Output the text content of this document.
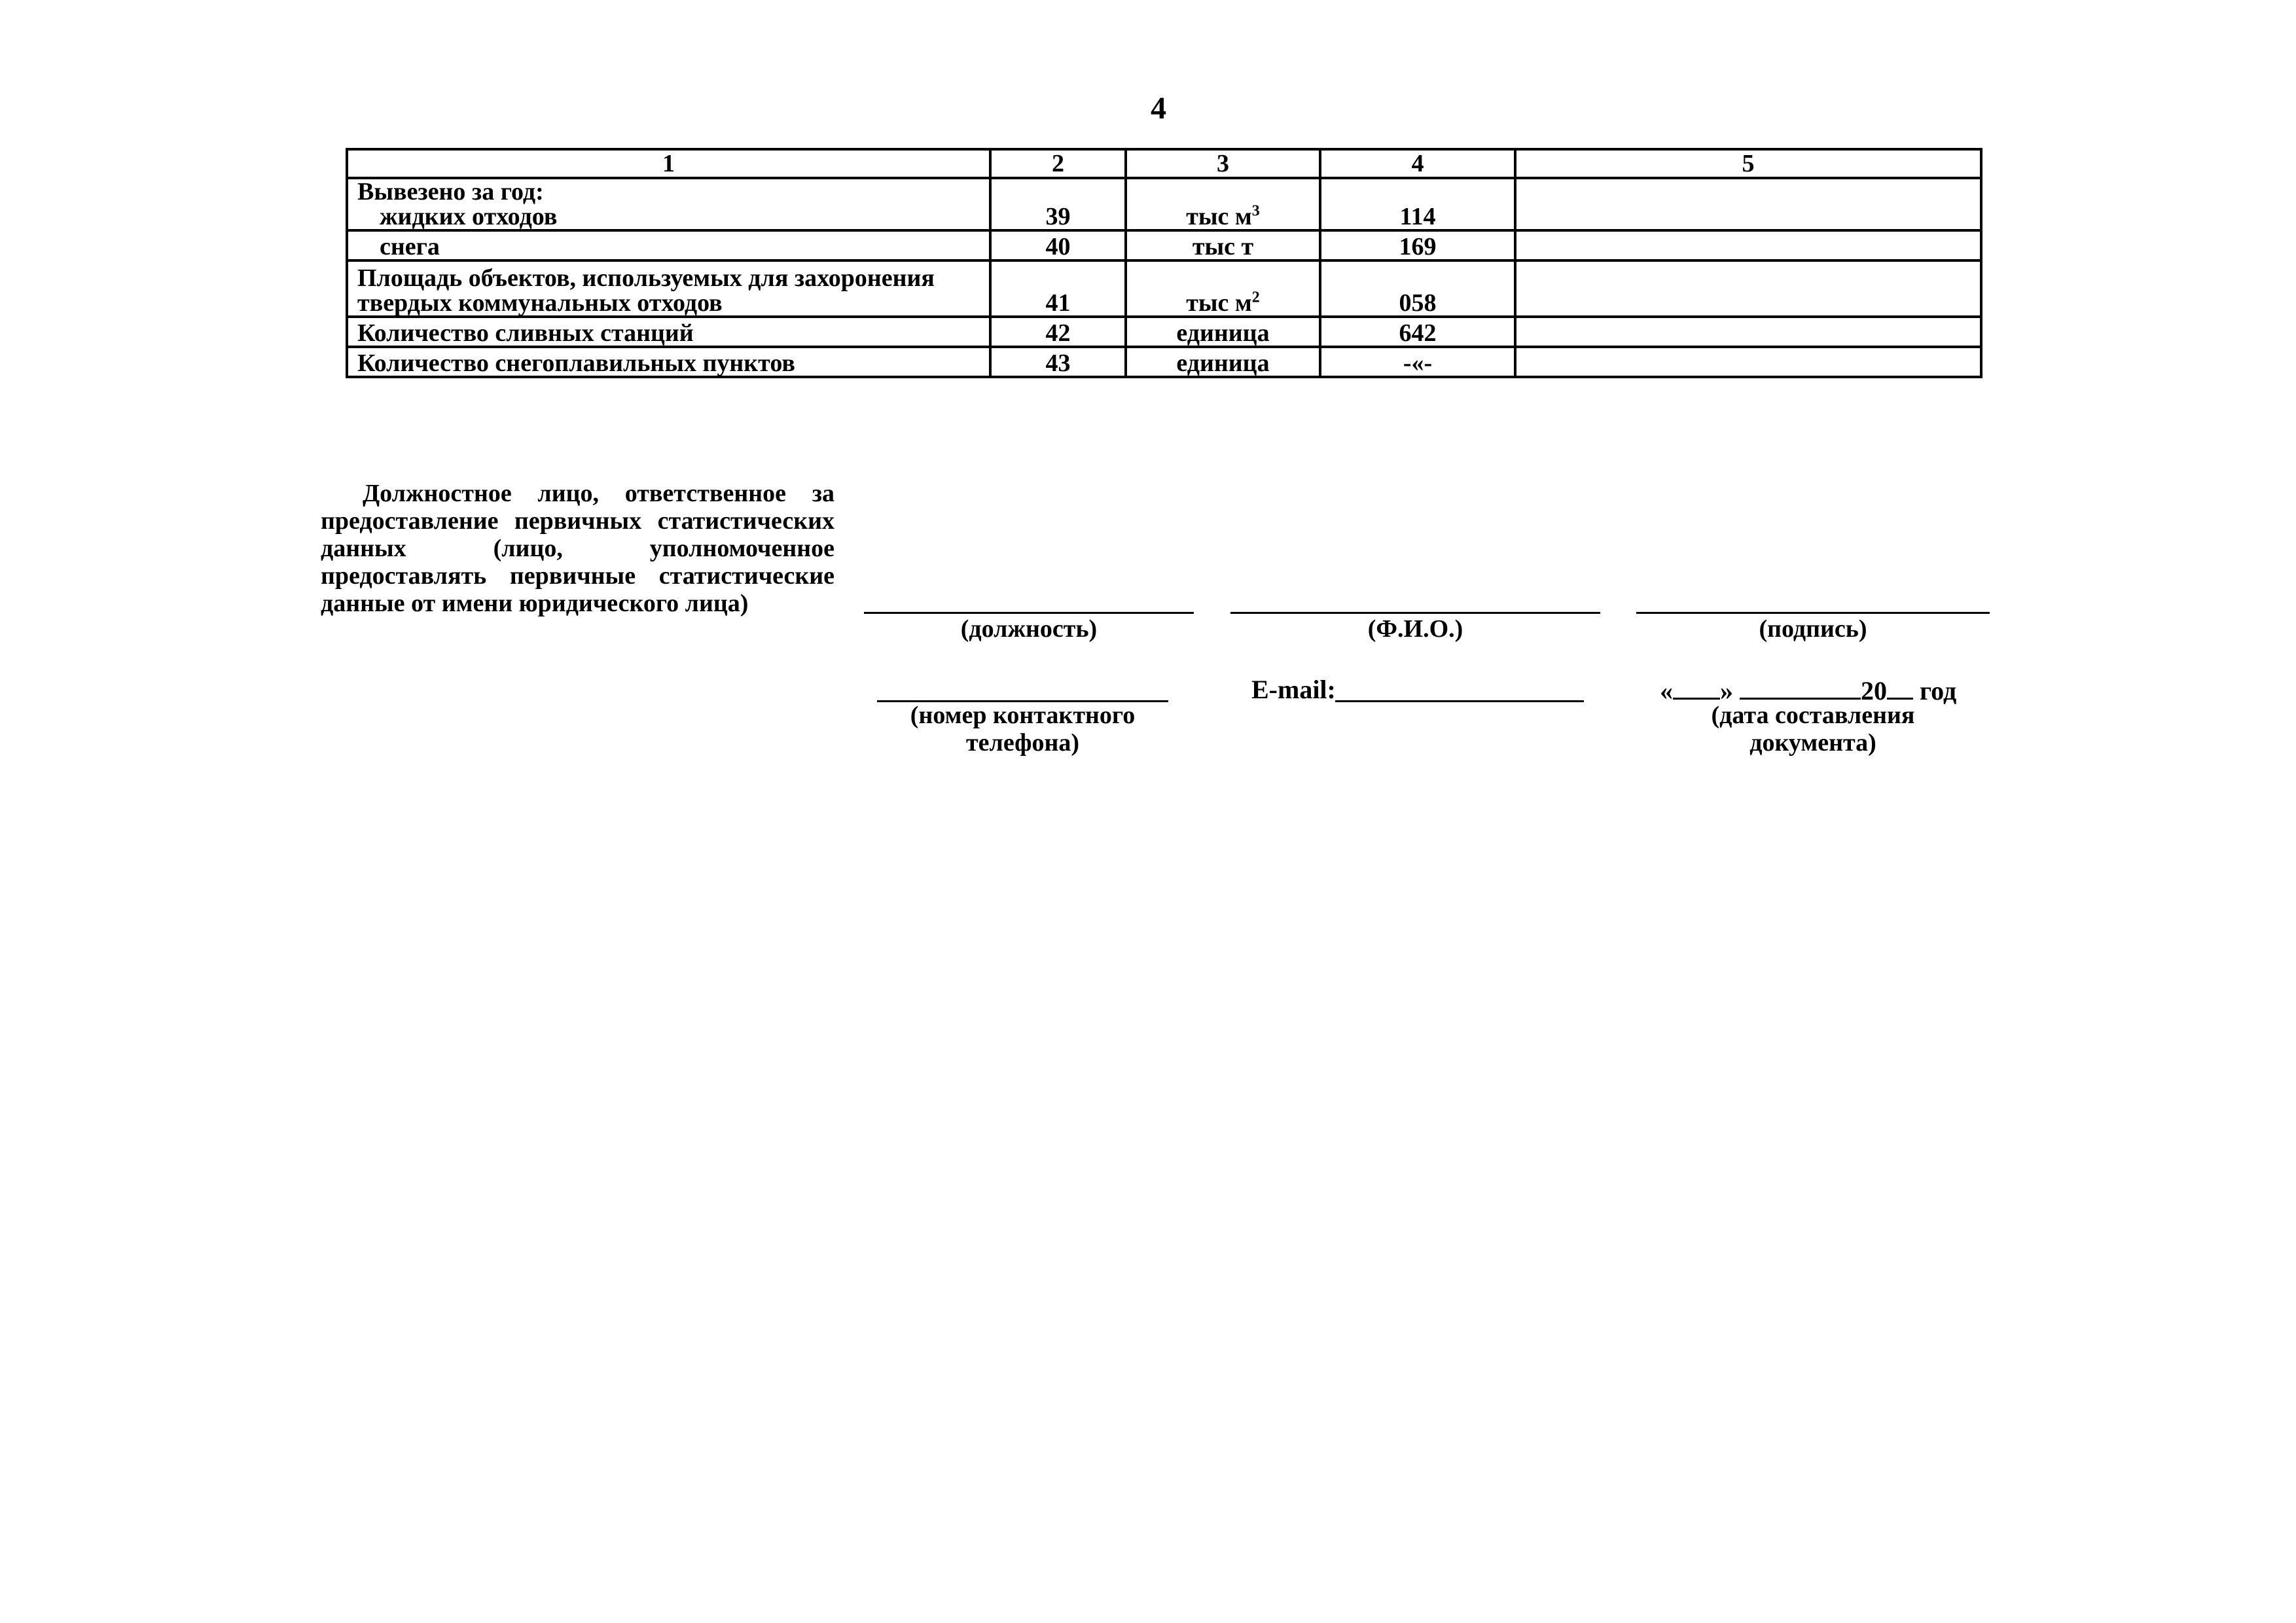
4
1	2	3	4	5

Вывезено за год:
жидких отходов	39	тыс $м^3$	114	
снега	40	тыс т	169	

Площадь объектов, используемых для захоронения
твердых коммунальных отходов	41	тыс $м^2$	058	
Количество сливных станций	42	единица	642	
Количество снегоплавильных пунктов	43	единица	-«-	
Должностное лицо, ответственное за предоставление первичных статистических данных (лицо, уполномоченное предоставлять первичные статистические данные от имени юридического лица)
(должность)	(Ф.И.О.)	(подпись)
(номер контактного
телефона)
E-mail:	« »	20 год
(дата составления
документа)
